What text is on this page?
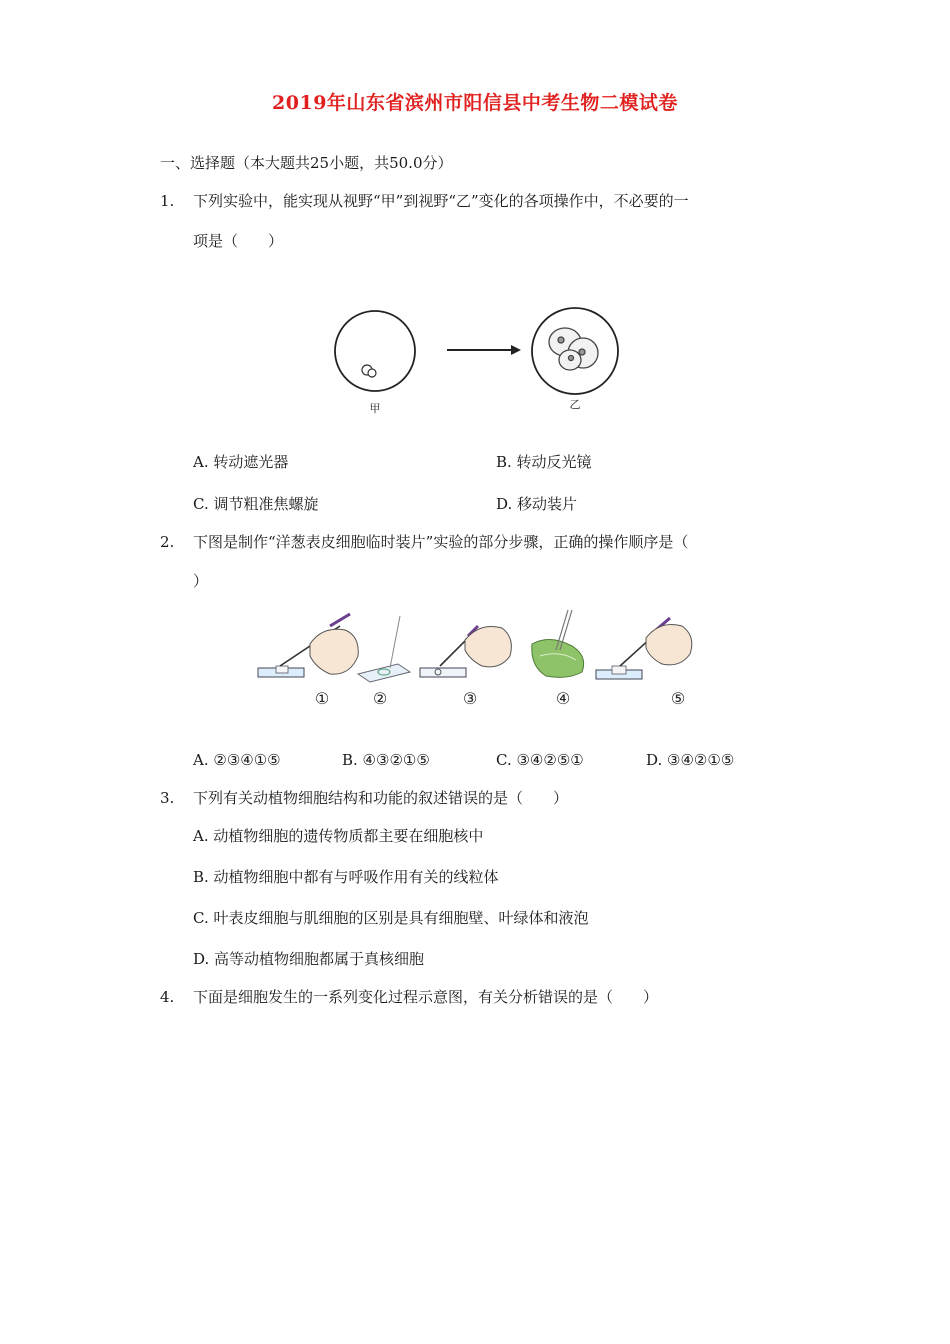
2019年山东省滨州市阳信县中考生物二模试卷
一、选择题（本大题共25小题，共50.0分）
1. 下列实验中，能实现从视野“甲”到视野“乙”变化的各项操作中，不必要的一
项是（　　）
甲	乙
A. 转动遮光器	B. 转动反光镜
C. 调节粗准焦螺旋	D. 移动装片
2. 下图是制作“洋葱表皮细胞临时装片”实验的部分步骤，正确的操作顺序是（
）
①	②	③	④	⑤
A. ②③④①⑤	B. ④③②①⑤	C. ③④②⑤①	D. ③④②①⑤
3. 下列有关动植物细胞结构和功能的叙述错误的是（　　）
A. 动植物细胞的遗传物质都主要在细胞核中
B. 动植物细胞中都有与呼吸作用有关的线粒体
C. 叶表皮细胞与肌细胞的区别是具有细胞壁、叶绿体和液泡
D. 高等动植物细胞都属于真核细胞
4. 下面是细胞发生的一系列变化过程示意图，有关分析错误的是（　　）
